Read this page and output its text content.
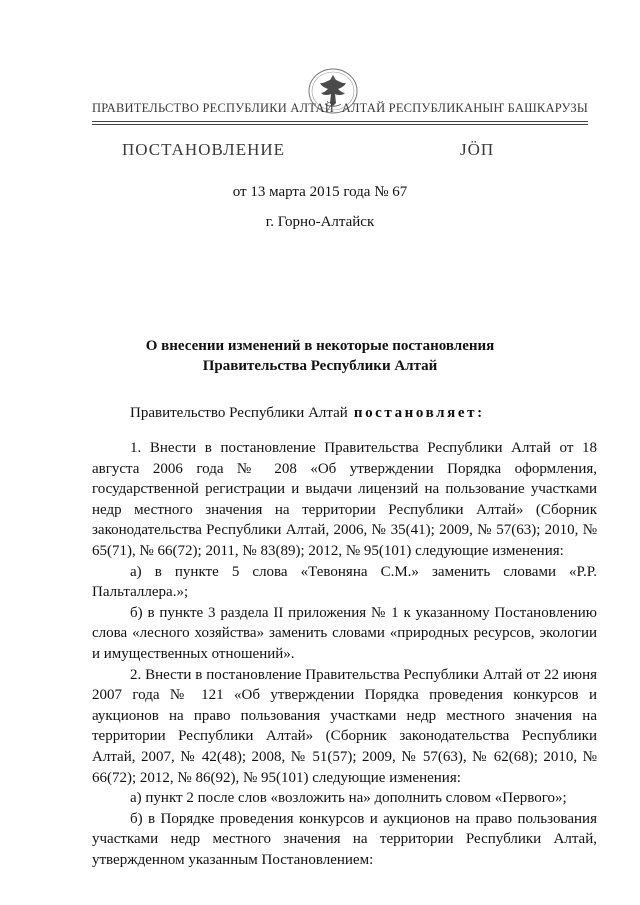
ПРАВИТЕЛЬСТВО РЕСПУБЛИКИ АЛТАЙ АЛТАЙ РЕСПУБЛИКАНЫҤ БАШКАРУЗЫ
ПОСТАНОВЛЕНИЕ	JÖП
от 13 марта 2015 года № 67
г. Горно-Алтайск
О внесении изменений в некоторые постановления
Правительства Республики Алтай
Правительство Республики Алтай постановляет:

1. Внести в постановление Правительства Республики Алтай от 18 августа 2006 года № 208 «Об утверждении Порядка оформления, государственной регистрации и выдачи лицензий на пользование участками недр местного значения на территории Республики Алтай» (Сборник законодательства Республики Алтай, 2006, № 35(41); 2009, № 57(63); 2010, № 65(71), № 66(72); 2011, № 83(89); 2012, № 95(101) следующие изменения:

а) в пункте 5 слова «Тевоняна С.М.» заменить словами «Р.Р. Пальталлера.»;

б) в пункте 3 раздела II приложения № 1 к указанному Постановлению слова «лесного хозяйства» заменить словами «природных ресурсов, экологии и имущественных отношений».

2. Внести в постановление Правительства Республики Алтай от 22 июня 2007 года № 121 «Об утверждении Порядка проведения конкурсов и аукционов на право пользования участками недр местного значения на территории Республики Алтай» (Сборник законодательства Республики Алтай, 2007, № 42(48); 2008, № 51(57); 2009, № 57(63), № 62(68); 2010, № 66(72); 2012, № 86(92), № 95(101) следующие изменения:

а) пункт 2 после слов «возложить на» дополнить словом «Первого»;

б) в Порядке проведения конкурсов и аукционов на право пользования участками недр местного значения на территории Республики Алтай, утвержденном указанным Постановлением:
